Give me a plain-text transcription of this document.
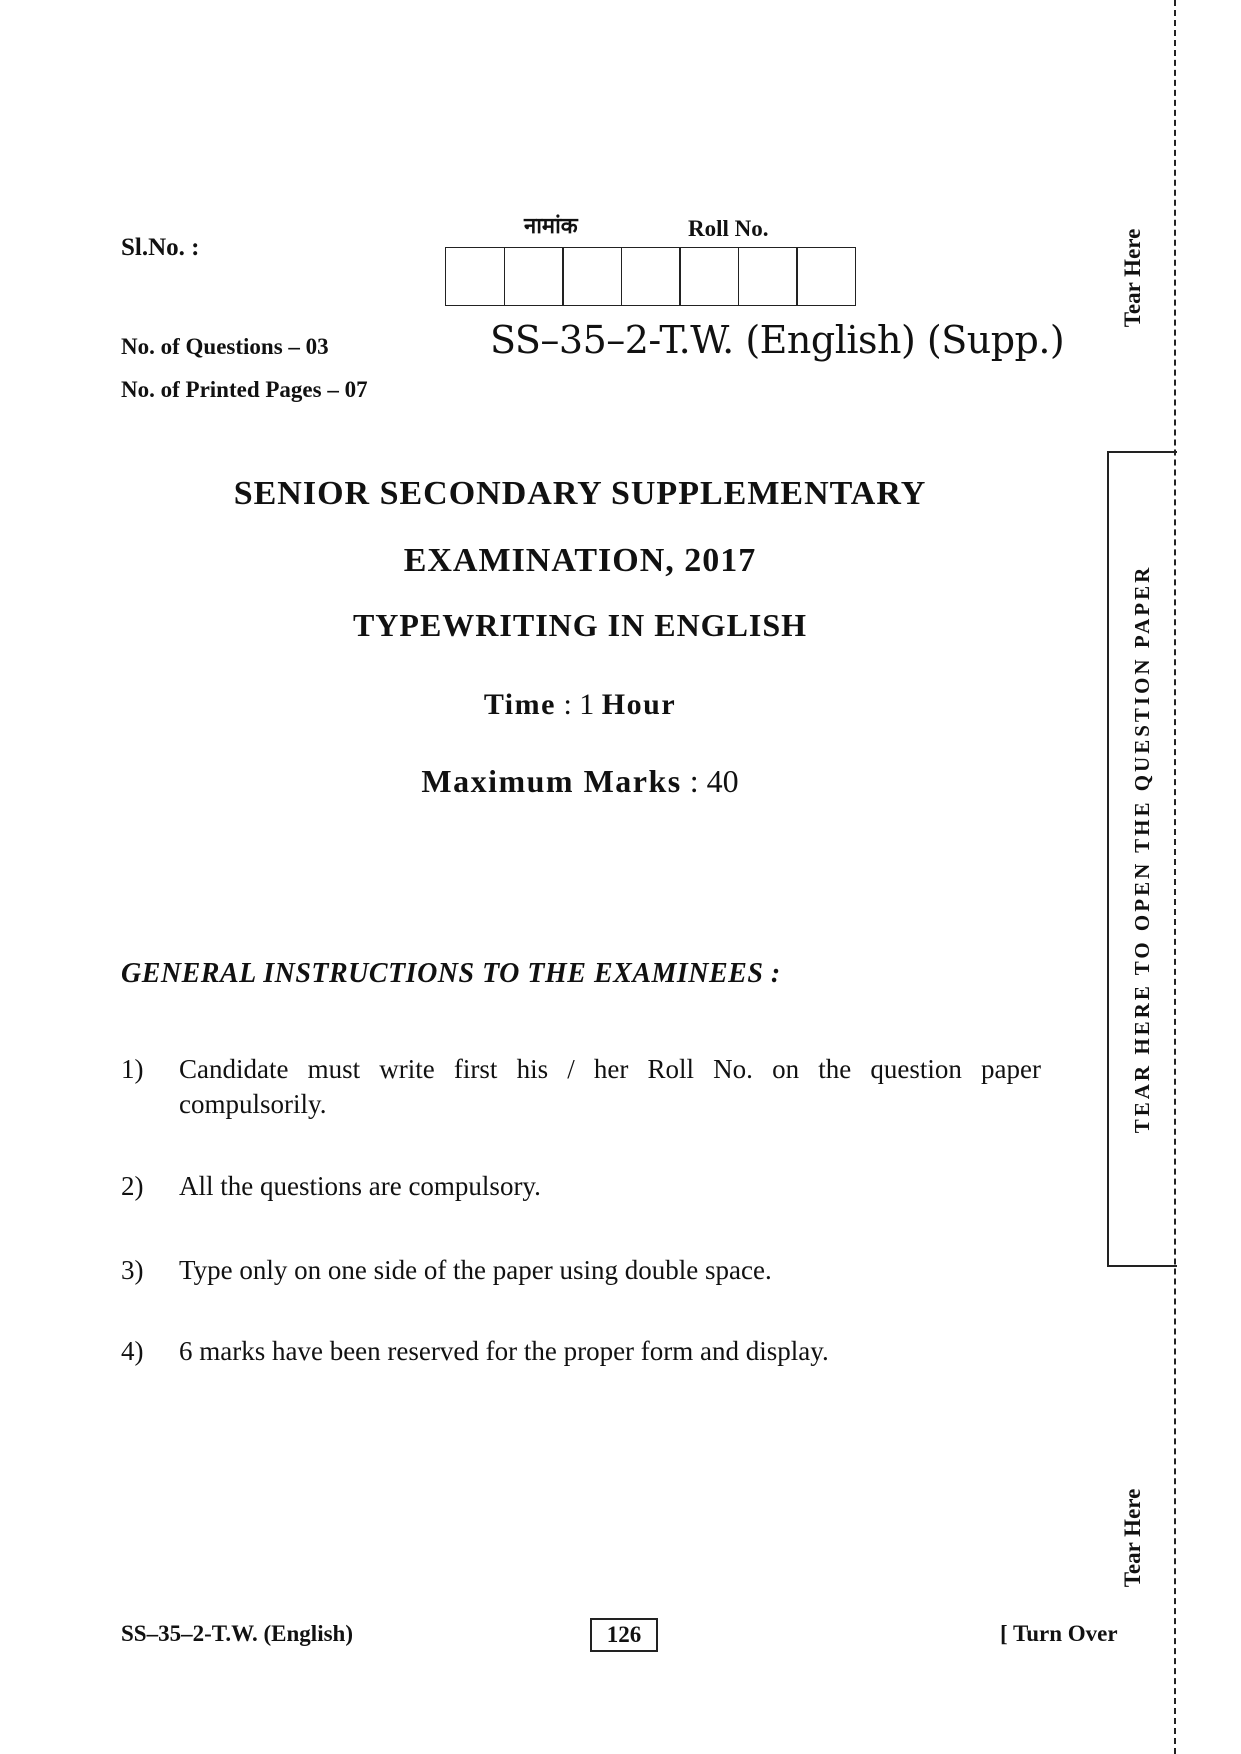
Sl.No. :
नामांक	Roll No.
No. of Questions – 03
No. of Printed Pages – 07
SS–35–2-T.W. (English) (Supp.)
SENIOR SECONDARY SUPPLEMENTARY
EXAMINATION, 2017
TYPEWRITING IN ENGLISH
Time : 1 Hour
Maximum Marks : 40
GENERAL INSTRUCTIONS TO THE EXAMINEES :
1)	Candidate must write first his / her Roll No. on the question paper compulsorily.
2)	All the questions are compulsory.
3)	Type only on one side of the paper using double space.
4)	6 marks have been reserved for the proper form and display.
SS–35–2-T.W. (English)	126	[ Turn Over
Tear Here
TEAR HERE TO OPEN THE QUESTION PAPER
Tear Here
